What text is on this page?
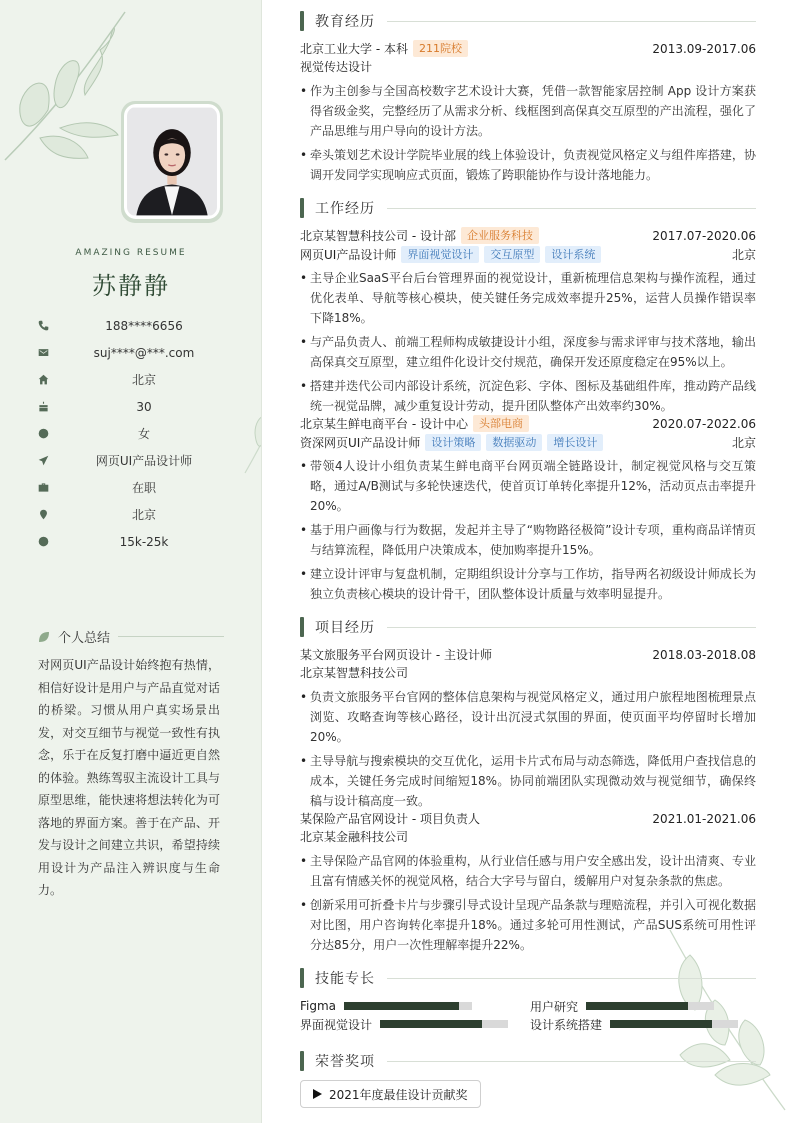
AMAZING RESUME
苏静静
188****6656
suj****@***.com
北京
30
女
网页UI产品设计师
在职
北京
15k-25k
个人总结
对网页UI产品设计始终抱有热情，相信好设计是用户与产品直觉对话的桥梁。习惯从用户真实场景出发，对交互细节与视觉一致性有执念，乐于在反复打磨中逼近更自然的体验。熟练驾驭主流设计工具与原型思维，能快速将想法转化为可落地的界面方案。善于在产品、开发与设计之间建立共识，希望持续用设计为产品注入辨识度与生命力。
教育经历
北京工业大学 - 本科	211院校	2013.09-2017.06
视觉传达设计
• 作为主创参与全国高校数字艺术设计大赛，凭借一款智能家居控制 App 设计方案获得省级金奖，完整经历了从需求分析、线框图到高保真交互原型的产出流程，强化了产品思维与用户导向的设计方法。
• 牵头策划艺术设计学院毕业展的线上体验设计，负责视觉风格定义与组件库搭建，协调开发同学实现响应式页面，锻炼了跨职能协作与设计落地能力。
工作经历
北京某智慧科技公司 - 设计部	企业服务科技	2017.07-2020.06
网页UI产品设计师	界面视觉设计	交互原型	设计系统	北京
• 主导企业SaaS平台后台管理界面的视觉设计，重新梳理信息架构与操作流程，通过优化表单、导航等核心模块，使关键任务完成效率提升25%，运营人员操作错误率下降18%。
• 与产品负责人、前端工程师构成敏捷设计小组，深度参与需求评审与技术落地，输出高保真交互原型，建立组件化设计交付规范，确保开发还原度稳定在95%以上。
• 搭建并迭代公司内部设计系统，沉淀色彩、字体、图标及基础组件库，推动跨产品线统一视觉品牌，减少重复设计劳动，提升团队整体产出效率约30%。
北京某生鲜电商平台 - 设计中心	头部电商	2020.07-2022.06
资深网页UI产品设计师	设计策略	数据驱动	增长设计	北京
• 带领4人设计小组负责某生鲜电商平台网页端全链路设计，制定视觉风格与交互策略，通过A/B测试与多轮快速迭代，使首页订单转化率提升12%，活动页点击率提升20%。
• 基于用户画像与行为数据，发起并主导了“购物路径极简”设计专项，重构商品详情页与结算流程，降低用户决策成本，使加购率提升15%。
• 建立设计评审与复盘机制，定期组织设计分享与工作坊，指导两名初级设计师成长为独立负责核心模块的设计骨干，团队整体设计质量与效率明显提升。
项目经历
某文旅服务平台网页设计 - 主设计师	2018.03-2018.08
北京某智慧科技公司
• 负责文旅服务平台官网的整体信息架构与视觉风格定义，通过用户旅程地图梳理景点浏览、攻略查询等核心路径，设计出沉浸式氛围的界面，使页面平均停留时长增加20%。
• 主导导航与搜索模块的交互优化，运用卡片式布局与动态筛选，降低用户查找信息的成本，关键任务完成时间缩短18%。协同前端团队实现微动效与视觉细节，确保终稿与设计稿高度一致。
某保险产品官网设计 - 项目负责人	2021.01-2021.06
北京某金融科技公司
• 主导保险产品官网的体验重构，从行业信任感与用户安全感出发，设计出清爽、专业且富有情感关怀的视觉风格，结合大字号与留白，缓解用户对复杂条款的焦虑。
• 创新采用可折叠卡片与步骤引导式设计呈现产品条款与理赔流程，并引入可视化数据对比图，用户咨询转化率提升18%。通过多轮可用性测试，产品SUS系统可用性评分达85分，用户一次性理解率提升22%。
技能专长
Figma	用户研究
界面视觉设计	设计系统搭建
荣誉奖项
2021年度最佳设计贡献奖
